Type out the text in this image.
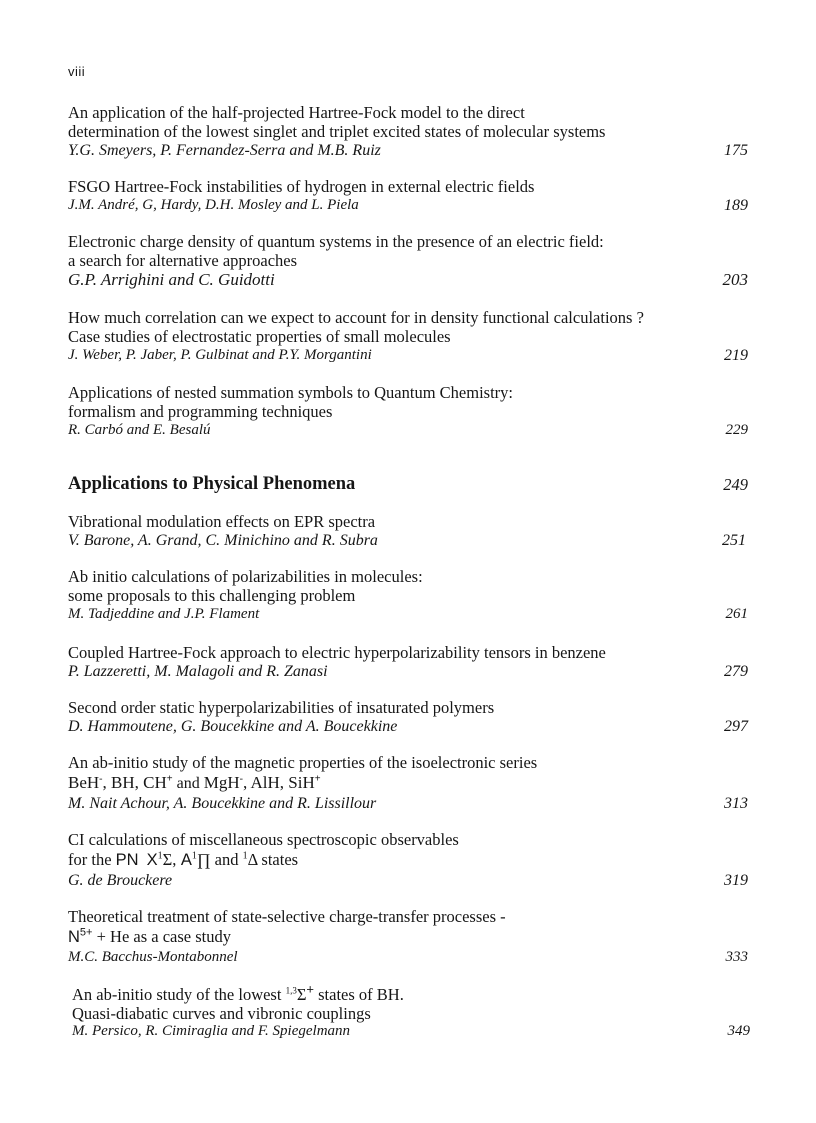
viii
An application of the half-projected Hartree-Fock model to the direct
determination of the lowest singlet and triplet excited states of molecular systems
Y.G. Smeyers, P. Fernandez-Serra and M.B. Ruiz	175
FSGO Hartree-Fock instabilities of hydrogen in external electric fields
J.M. André, G, Hardy, D.H. Mosley and L. Piela	189
Electronic charge density of quantum systems in the presence of an electric field:
a search for alternative approaches
G.P. Arrighini and C. Guidotti	203
How much correlation can we expect to account for in density functional calculations ?
Case studies of electrostatic properties of small molecules
J. Weber, P. Jaber, P. Gulbinat and P.Y. Morgantini	219
Applications of nested summation symbols to Quantum Chemistry:
formalism and programming techniques
R. Carbó and E. Besalú	229
Applications to Physical Phenomena	249
Vibrational modulation effects on EPR spectra
V. Barone, A. Grand, C. Minichino and R. Subra	251
Ab initio calculations of polarizabilities in molecules:
some proposals to this challenging problem
M. Tadjeddine and J.P. Flament	261
Coupled Hartree-Fock approach to electric hyperpolarizability tensors in benzene
P. Lazzeretti, M. Malagoli and R. Zanasi	279
Second order static hyperpolarizabilities of insaturated polymers
D. Hammoutene, G. Boucekkine and A. Boucekkine	297
An ab-initio study of the magnetic properties of the isoelectronic series
BeH-, BH, CH+ and MgH-, AlH, SiH+
M. Nait Achour, A. Boucekkine and R. Lissillour	313
CI calculations of miscellaneous spectroscopic observables
for the PN $X^1\Sigma$, $A^1\prod$ and $^1$Δ states
G. de Brouckere	319
Theoretical treatment of state-selective charge-transfer processes -
$N^{5+} + He$ as a case study
M.C. Bacchus-Montabonnel	333
An ab-initio study of the lowest $^{1,3}$Σ+ states of BH.
Quasi-diabatic curves and vibronic couplings
M. Persico, R. Cimiraglia and F. Spiegelmann	349
